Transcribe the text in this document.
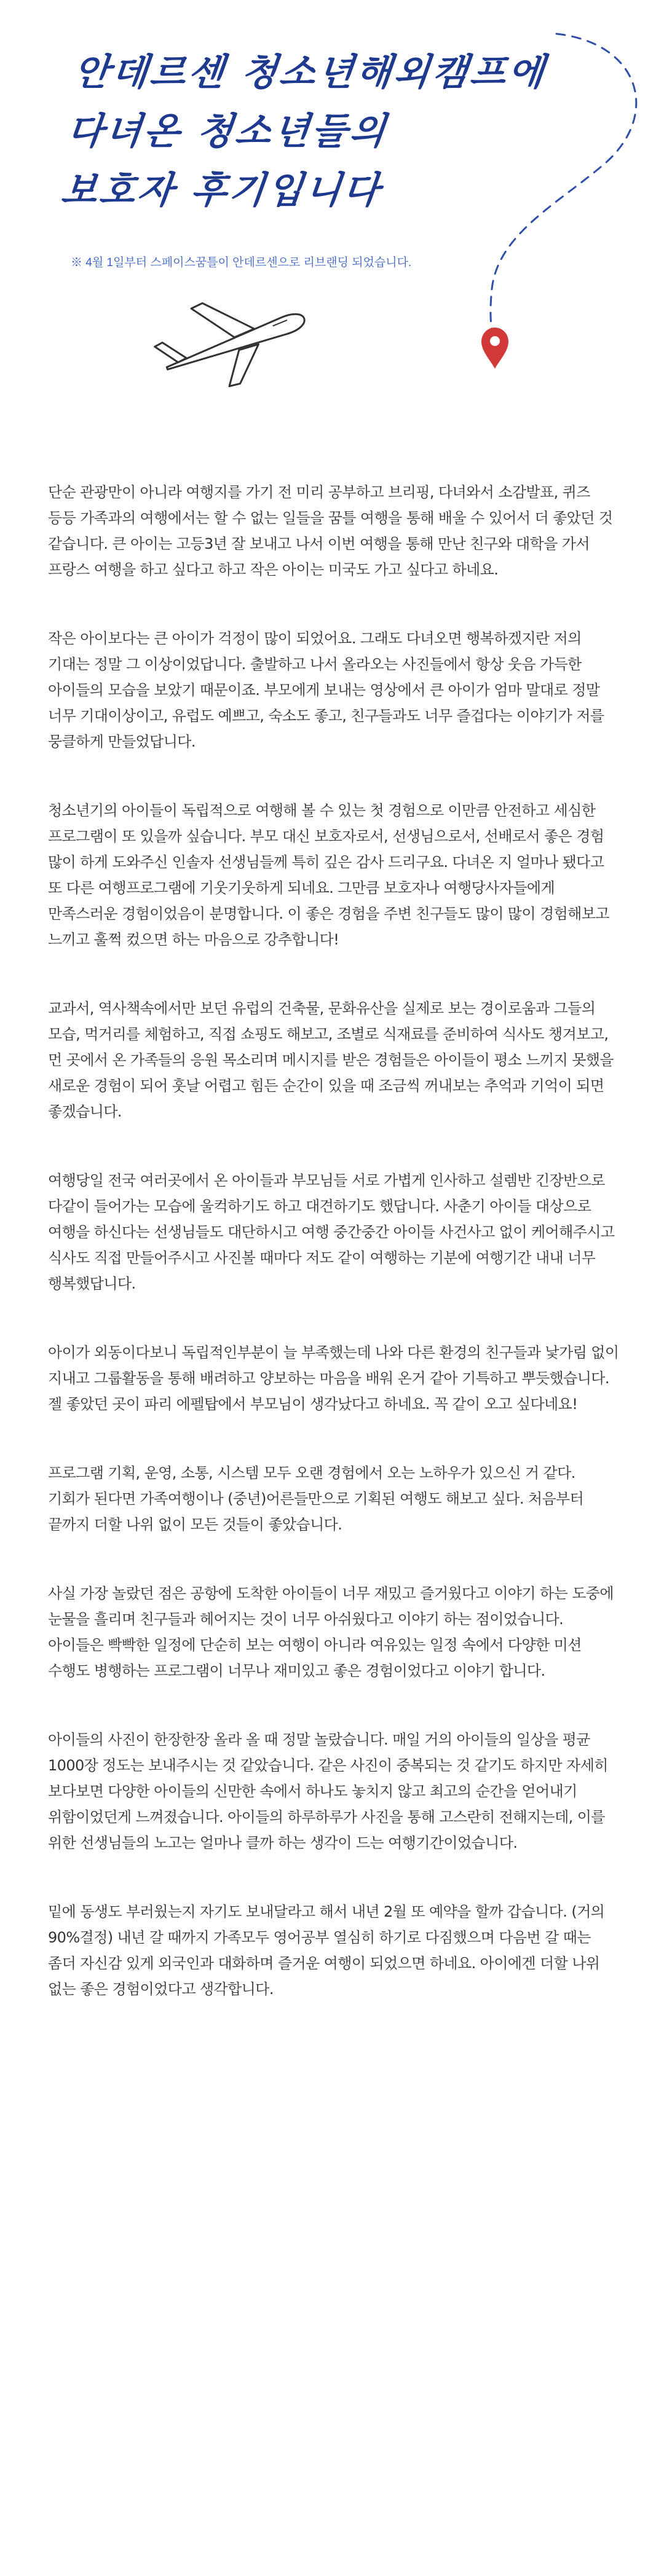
안데르센 청소년해외캠프에
다녀온 청소년들의
보호자 후기입니다
※ 4월 1일부터 스페이스꿈틀이 안데르센으로 리브랜딩 되었습니다.

단순 관광만이 아니라 여행지를 가기 전 미리 공부하고 브리핑, 다녀와서 소감발표, 퀴즈 등등 가족과의 여행에서는 할 수 없는 일들을 꿈틀 여행을 통해 배울 수 있어서 더 좋았던 것 같습니다. 큰 아이는 고등3년 잘 보내고 나서 이번 여행을 통해 만난 친구와 대학을 가서 프랑스 여행을 하고 싶다고 하고 작은 아이는 미국도 가고 싶다고 하네요.

작은 아이보다는 큰 아이가 걱정이 많이 되었어요. 그래도 다녀오면 행복하겠지란 저의 기대는 정말 그 이상이었답니다. 출발하고 나서 올라오는 사진들에서 항상 웃음 가득한 아이들의 모습을 보았기 때문이죠. 부모에게 보내는 영상에서 큰 아이가 엄마 말대로 정말 너무 기대이상이고, 유럽도 예쁘고, 숙소도 좋고, 친구들과도 너무 즐겁다는 이야기가 저를 뭉클하게 만들었답니다.

청소년기의 아이들이 독립적으로 여행해 볼 수 있는 첫 경험으로 이만큼 안전하고 세심한 프로그램이 또 있을까 싶습니다. 부모 대신 보호자로서, 선생님으로서, 선배로서 좋은 경험 많이 하게 도와주신 인솔자 선생님들께 특히 깊은 감사 드리구요. 다녀온 지 얼마나 됐다고 또 다른 여행프로그램에 기웃기웃하게 되네요. 그만큼 보호자나 여행당사자들에게 만족스러운 경험이었음이 분명합니다. 이 좋은 경험을 주변 친구들도 많이 많이 경험해보고 느끼고 훌쩍 컸으면 하는 마음으로 강추합니다!

교과서, 역사책속에서만 보던 유럽의 건축물, 문화유산을 실제로 보는 경이로움과 그들의 모습, 먹거리를 체험하고, 직접 쇼핑도 해보고, 조별로 식재료를 준비하여 식사도 챙겨보고, 먼 곳에서 온 가족들의 응원 목소리며 메시지를 받은 경험들은 아이들이 평소 느끼지 못했을 새로운 경험이 되어 훗날 어렵고 힘든 순간이 있을 때 조금씩 꺼내보는 추억과 기억이 되면 좋겠습니다.

여행당일 전국 여러곳에서 온 아이들과 부모님들 서로 가볍게 인사하고 설렘반 긴장반으로 다같이 들어가는 모습에 울컥하기도 하고 대견하기도 했답니다. 사춘기 아이들 대상으로 여행을 하신다는 선생님들도 대단하시고 여행 중간중간 아이들 사건사고 없이 케어해주시고 식사도 직접 만들어주시고 사진볼 때마다 저도 같이 여행하는 기분에 여행기간 내내 너무 행복했답니다.

아이가 외동이다보니 독립적인부분이 늘 부족했는데 나와 다른 환경의 친구들과 낯가림 없이 지내고 그룹활동을 통해 배려하고 양보하는 마음을 배워 온거 같아 기특하고 뿌듯했습니다. 젤 좋았던 곳이 파리 에펠탑에서 부모님이 생각났다고 하네요. 꼭 같이 오고 싶다네요!

프로그램 기획, 운영, 소통, 시스템 모두 오랜 경험에서 오는 노하우가 있으신 거 같다. 기회가 된다면 가족여행이나 (중년)어른들만으로 기획된 여행도 해보고 싶다. 처음부터 끝까지 더할 나위 없이 모든 것들이 좋았습니다.

사실 가장 놀랐던 점은 공항에 도착한 아이들이 너무 재밌고 즐거웠다고 이야기 하는 도중에 눈물을 흘리며 친구들과 헤어지는 것이 너무 아쉬웠다고 이야기 하는 점이었습니다. 아이들은 빡빡한 일정에 단순히 보는 여행이 아니라 여유있는 일정 속에서 다양한 미션 수행도 병행하는 프로그램이 너무나 재미있고 좋은 경험이었다고 이야기 합니다.

아이들의 사진이 한장한장 올라 올 때 정말 놀랐습니다. 매일 거의 아이들의 일상을 평균 1000장 정도는 보내주시는 것 같았습니다. 같은 사진이 중복되는 것 같기도 하지만 자세히 보다보면 다양한 아이들의 신만한 속에서 하나도 놓치지 않고 최고의 순간을 얻어내기 위함이었던게 느껴졌습니다. 아이들의 하루하루가 사진을 통해 고스란히 전해지는데, 이를 위한 선생님들의 노고는 얼마나 클까 하는 생각이 드는 여행기간이었습니다.

밑에 동생도 부러웠는지 자기도 보내달라고 해서 내년 2월 또 예약을 할까 갑습니다. (거의 90%결정) 내년 갈 때까지 가족모두 영어공부 열심히 하기로 다짐했으며 다음번 갈 때는 좀더 자신감 있게 외국인과 대화하며 즐거운 여행이 되었으면 하네요. 아이에겐 더할 나위 없는 좋은 경험이었다고 생각합니다.
